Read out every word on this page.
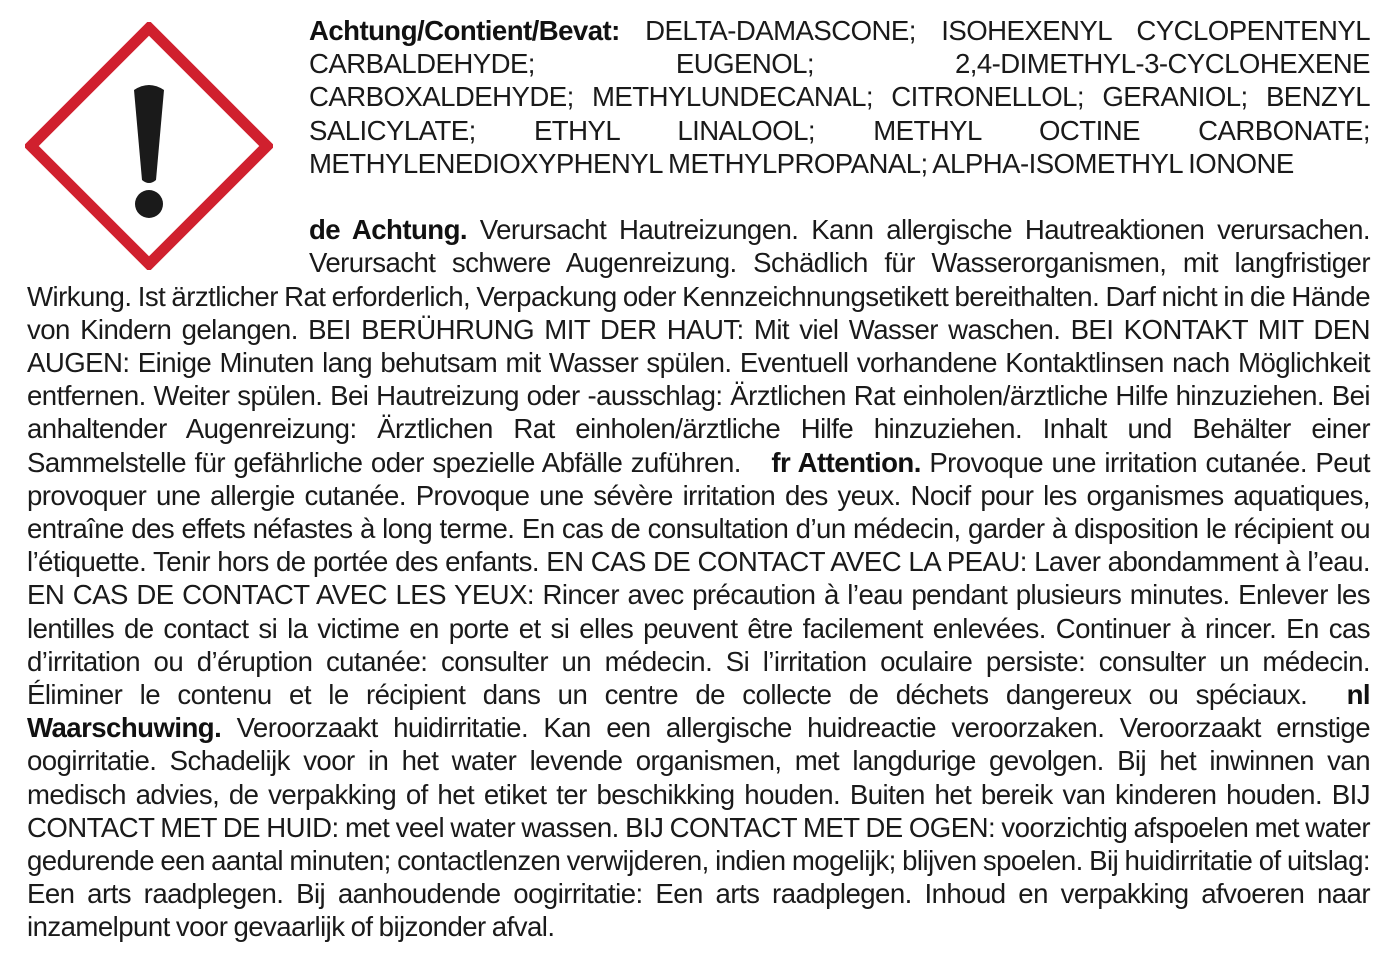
Achtung/Contient/Bevat: DELTA-DAMASCONE; ISOHEXENYL CYCLOPENTENYL CARBALDEHYDE; EUGENOL; 2,4-DIMETHYL-3-CYCLOHEXENE CARBOXALDEHYDE; METHYLUNDECANAL; CITRONELLOL; GERANIOL; BENZYL SALICYLATE; ETHYL LINALOOL; METHYL OCTINE CARBONATE; METHYLENEDIOXYPHENYL METHYLPROPANAL; ALPHA-ISOMETHYL IONONE

de Achtung. Verursacht Hautreizungen. Kann allergische Hautreaktionen verursachen. Verursacht schwere Augenreizung. Schädlich für Wasserorganismen, mit langfristiger Wirkung. Ist ärztlicher Rat erforderlich, Verpackung oder Kennzeichnungsetikett bereithalten. Darf nicht in die Hände von Kindern gelangen. BEI BERÜHRUNG MIT DER HAUT: Mit viel Wasser waschen. BEI KONTAKT MIT DEN AUGEN: Einige Minuten lang behutsam mit Wasser spülen. Eventuell vorhandene Kontaktlinsen nach Möglichkeit entfernen. Weiter spülen. Bei Hautreizung oder -ausschlag: Ärztlichen Rat einholen/ärztliche Hilfe hinzuziehen. Bei anhaltender Augenreizung: Ärztlichen Rat einholen/ärztliche Hilfe hinzuziehen. Inhalt und Behälter einer Sammelstelle für gefährliche oder spezielle Abfälle zuführen. fr Attention. Provoque une irritation cutanée. Peut provoquer une allergie cutanée. Provoque une sévère irritation des yeux. Nocif pour les organismes aquatiques, entraîne des effets néfastes à long terme. En cas de consultation d’un médecin, garder à disposition le récipient ou l’étiquette. Tenir hors de portée des enfants. EN CAS DE CONTACT AVEC LA PEAU: Laver abondamment à l’eau. EN CAS DE CONTACT AVEC LES YEUX: Rincer avec précaution à l’eau pendant plusieurs minutes. Enlever les lentilles de contact si la victime en porte et si elles peuvent être facilement enlevées. Continuer à rincer. En cas d’irritation ou d’éruption cutanée: consulter un médecin. Si l’irritation oculaire persiste: consulter un médecin. Éliminer le contenu et le récipient dans un centre de collecte de déchets dangereux ou spéciaux. nl Waarschuwing. Veroorzaakt huidirritatie. Kan een allergische huidreactie veroorzaken. Veroorzaakt ernstige oogirritatie. Schadelijk voor in het water levende organismen, met langdurige gevolgen. Bij het inwinnen van medisch advies, de verpakking of het etiket ter beschikking houden. Buiten het bereik van kinderen houden. BIJ CONTACT MET DE HUID: met veel water wassen. BIJ CONTACT MET DE OGEN: voorzichtig afspoelen met water gedurende een aantal minuten; contactlenzen verwijderen, indien mogelijk; blijven spoelen. Bij huidirritatie of uitslag: Een arts raadplegen. Bij aanhoudende oogirritatie: Een arts raadplegen. Inhoud en verpakking afvoeren naar inzamelpunt voor gevaarlijk of bijzonder afval.
